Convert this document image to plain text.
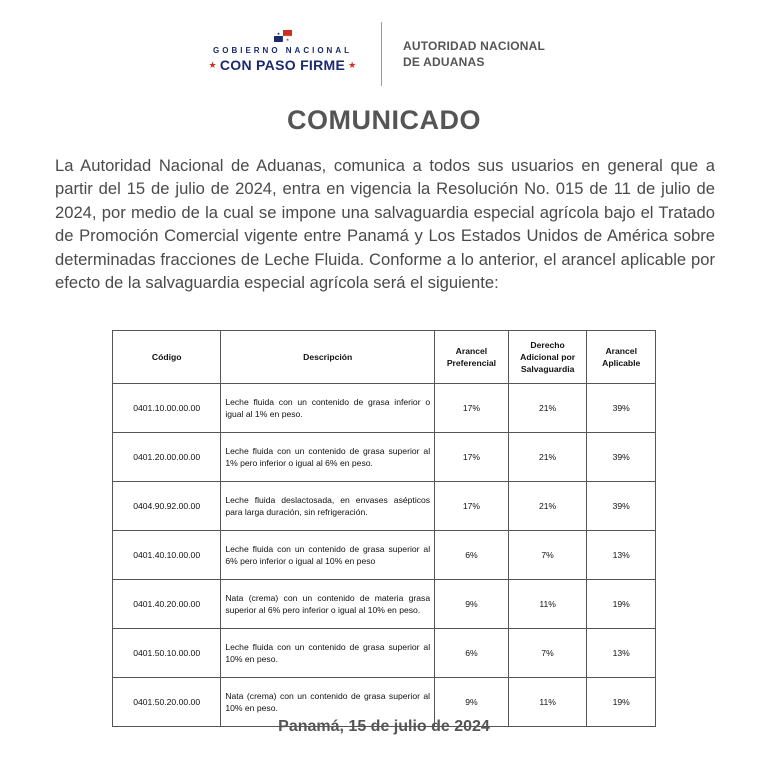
★
★
GOBIERNO NACIONAL
★ CON PASO FIRME ★
AUTORIDAD NACIONAL
DE ADUANAS
COMUNICADO
La Autoridad Nacional de Aduanas, comunica a todos sus usuarios en general que a partir del 15 de julio de 2024, entra en vigencia la Resolución No. 015 de 11 de julio de 2024, por medio de la cual se impone una salvaguardia especial agrícola bajo el Tratado de Promoción Comercial vigente entre Panamá y Los Estados Unidos de América sobre determinadas fracciones de Leche Fluida. Conforme a lo anterior, el arancel aplicable por efecto de la salvaguardia especial agrícola será el siguiente:
Código	Descripción	Arancel Preferencial	Derecho Adicional por Salvaguardia	Arancel Aplicable
0401.10.00.00.00	Leche fluida con un contenido de grasa inferior o igual al 1% en peso.	17%	21%	39%
0401.20.00.00.00	Leche fluida con un contenido de grasa superior al 1% pero inferior o igual al 6% en peso.	17%	21%	39%
0404.90.92.00.00	Leche fluida deslactosada, en envases asépticos para larga duración, sin refrigeración.	17%	21%	39%
0401.40.10.00.00	Leche fluida con un contenido de grasa superior al 6% pero inferior o igual al 10% en peso	6%	7%	13%
0401.40.20.00.00	Nata (crema) con un contenido de materia grasa superior al 6% pero inferior o igual al 10% en peso.	9%	11%	19%
0401.50.10.00.00	Leche fluida con un contenido de grasa superior al 10% en peso.	6%	7%	13%
0401.50.20.00.00	Nata (crema) con un contenido de grasa superior al 10% en peso.	9%	11%	19%
Panamá, 15 de julio de 2024
